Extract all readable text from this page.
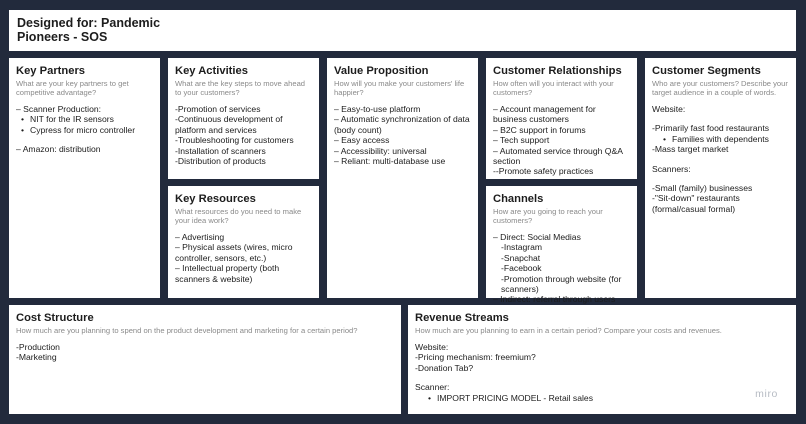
Designed for: Pandemic
Pioneers - SOS
Key Partners
What are your key partners to get competitive advantage?
– Scanner Production:
• NIT for the IR sensors
• Cypress for micro controller
– Amazon: distribution
Key Activities
What are the key steps to move ahead to your customers?
-Promotion of services
-Continuous development of platform and services
-Troubleshooting for customers
-Installation of scanners
-Distribution of products
Key Resources
What resources do you need to make your idea work?
– Advertising
– Physical assets (wires, micro controller, sensors, etc.)
– Intellectual property (both scanners & website)
Value Proposition
How will you make your customers' life happier?
– Easy-to-use platform
– Automatic synchronization of data (body count)
– Easy access
– Accessibility: universal
– Reliant: multi-database use
Customer Relationships
How often will you interact with your customers?
– Account management for business customers
– B2C support in forums
– Tech support
– Automated service through Q&A section
--Promote safety practices
Channels
How are you going to reach your customers?
– Direct: Social Medias
-Instagram
-Snapchat
-Facebook
-Promotion through website (for scanners)
– Indirect: referral through users
Customer Segments
Who are your customers? Describe your target audience in a couple of words.
Website:
-Primarily fast food restaurants
• Families with dependents
-Mass target market
Scanners:
-Small (family) businesses
-"Sit-down" restaurants (formal/casual formal)
Cost Structure
How much are you planning to spend on the product development and marketing for a certain period?
-Production
-Marketing
Revenue Streams
How much are you planning to earn in a certain period? Compare your costs and revenues.
Website:
-Pricing mechanism: freemium?
-Donation Tab?
Scanner:
• IMPORT PRICING MODEL - Retail sales	miro
